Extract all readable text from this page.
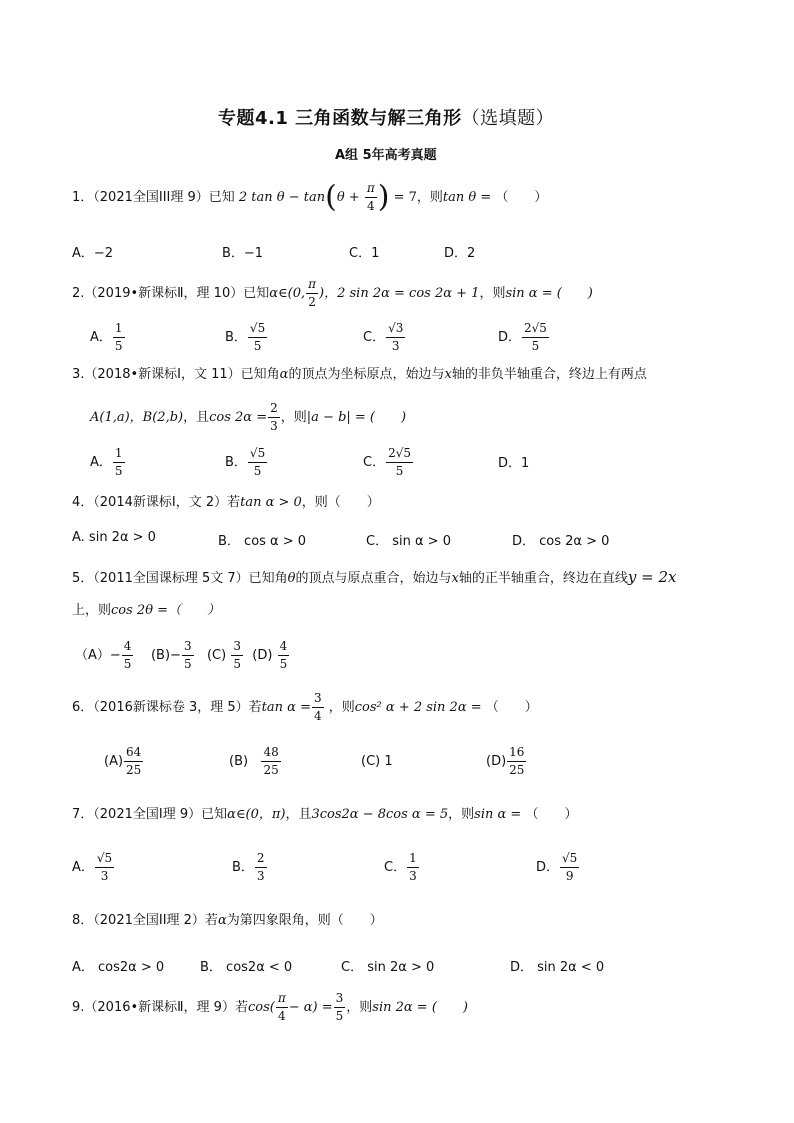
专题4.1 三角函数与解三角形（选填题）
A组 5年高考真题
1．（2021全国III理 9）已知 2 $\tan \theta - \tan(\theta + \frac{\pi}{4}$ ) = 7，则tan θ = （　　）
A．−2	B．−1	C．1	D．2
2.（2019•新课标Ⅱ，理 10）已知α∈(0, $\frac{\pi}{2}$ )，2 sin 2α = cos 2α + 1，则sin α = (　　)
A． $\frac{1}{5}$	B． $\frac{√5}{5}$	C． $\frac{√3}{3}$	D． $\frac{2√5}{5}$
3.（2018•新课标Ⅰ，文 11）已知角α的顶点为坐标原点，始边与x轴的非负半轴重合，终边上有两点
A(1,a)，B(2,b)，且$\cos 2\alpha = \frac{2}{3}$ ，则|a − b| = (　　)
A． $\frac{1}{5}$	B． $\frac{√5}{5}$	C． $\frac{2√5}{5}$	D．1
4．（2014新课标Ⅰ，文 2）若tan α > 0，则（　　）
A. sin 2α > 0	B． cos α > 0	C． sin α > 0	D． cos 2α > 0
5．（2011全国课标理 5文 7）已知角θ的顶点与原点重合，始边与x轴的正半轴重合，终边在直线y = 2x
上，则cos 2θ =（　　）
$(A)- \frac{4}{5} (B)- \frac{3}{5} (C) \frac{3}{5} (D) \frac{4}{5}$
6．（2016新课标卷 3，理 5）若$\tan \alpha = \frac{3}{4}$ ，则cos² α + 2 sin 2α = （　　）
$(A) \frac{64}{25}$	$(B) \frac{48}{25}$	(C) 1	$(D) \frac{16}{25}$
7．（2021全国I理 9）已知α∈(0，π)，且3cos2α − 8cos α = 5，则sin α = （　　）
A． $\frac{√5}{3}$	B． $\frac{2}{3}$	C． $\frac{1}{3}$	D． $\frac{√5}{9}$
8．（2021全国II理 2）若α为第四象限角，则（　　）
A． cos2α > 0	B． cos2α < 0	C． sin 2α > 0	D． sin 2α < 0
9.（2016•新课标Ⅱ，理 9）若$\cos( \frac{\pi}{4} - \alpha) = \frac{3}{5}$ ，则sin 2α = (　　)
